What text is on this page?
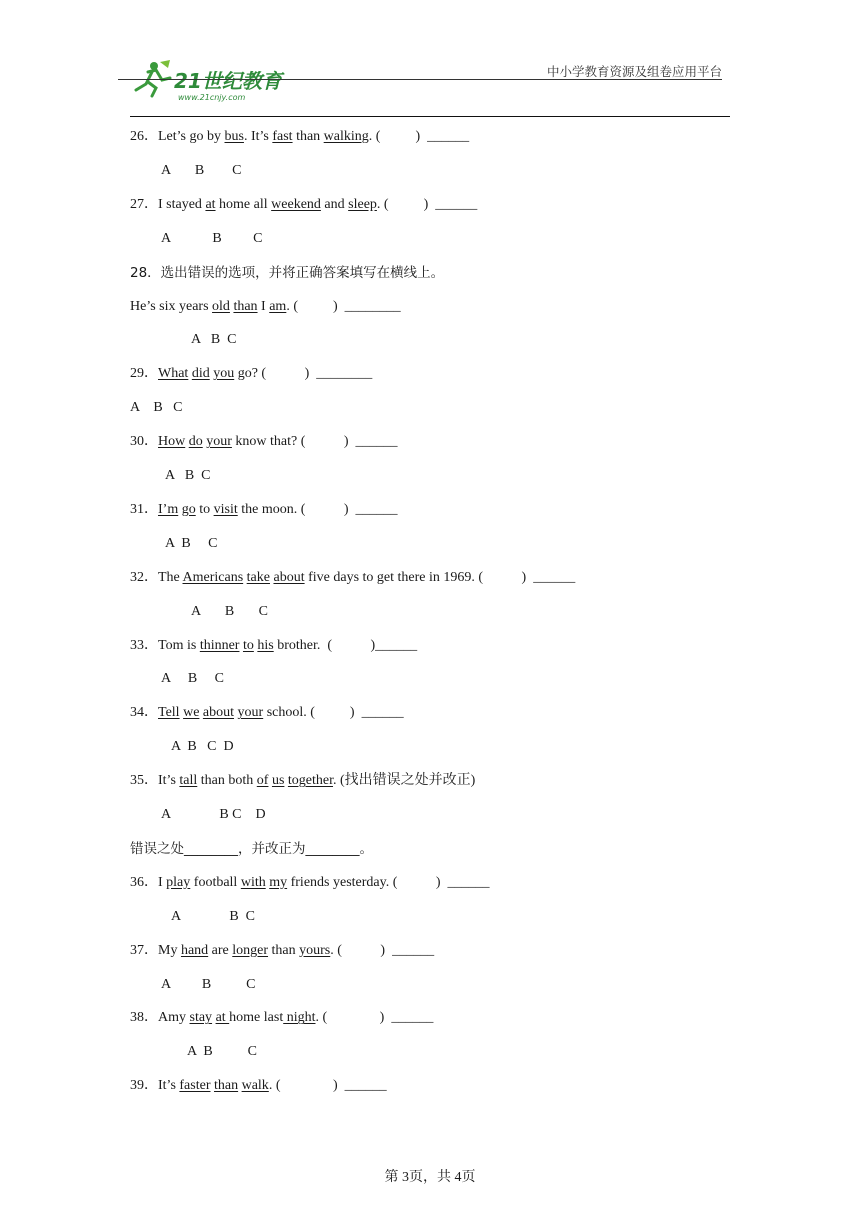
21世纪教育
www.21cnjy.com

中小学教育资源及组卷应用平台
26．Let’s go by bus. It’s fast than walking. (          )  ______
A       B        C
27．I stayed at home all weekend and sleep. (          )  ______
A            B         C
28．选出错误的选项，并将正确答案填写在横线上。
He’s six years old than I am. (          )  ________
A   B  C
29．What did you go? (           )  ________
A    B   C
30．How do your know that? (           )  ______
A   B  C
31．I’m go to visit the moon. (           )  ______
A  B     C
32．The Americans take about five days to get there in 1969. (           )  ______
A       B       C
33．Tom is thinner to his brother.  (           )______
A     B     C
34．Tell we about your school. (          )  ______
A  B   C  D
35．It’s tall than both of us together. (找出错误之处并改正)
A              B C    D
错误之处________，并改正为________。
36．I play football with my friends yesterday. (           )  ______
A              B  C
37．My hand are longer than yours. (           )  ______
A         B          C
38．Amy stay at home last night. (               )  ______
A  B          C
39．It’s faster than walk. (               )  ______
第 3页，共 4页
